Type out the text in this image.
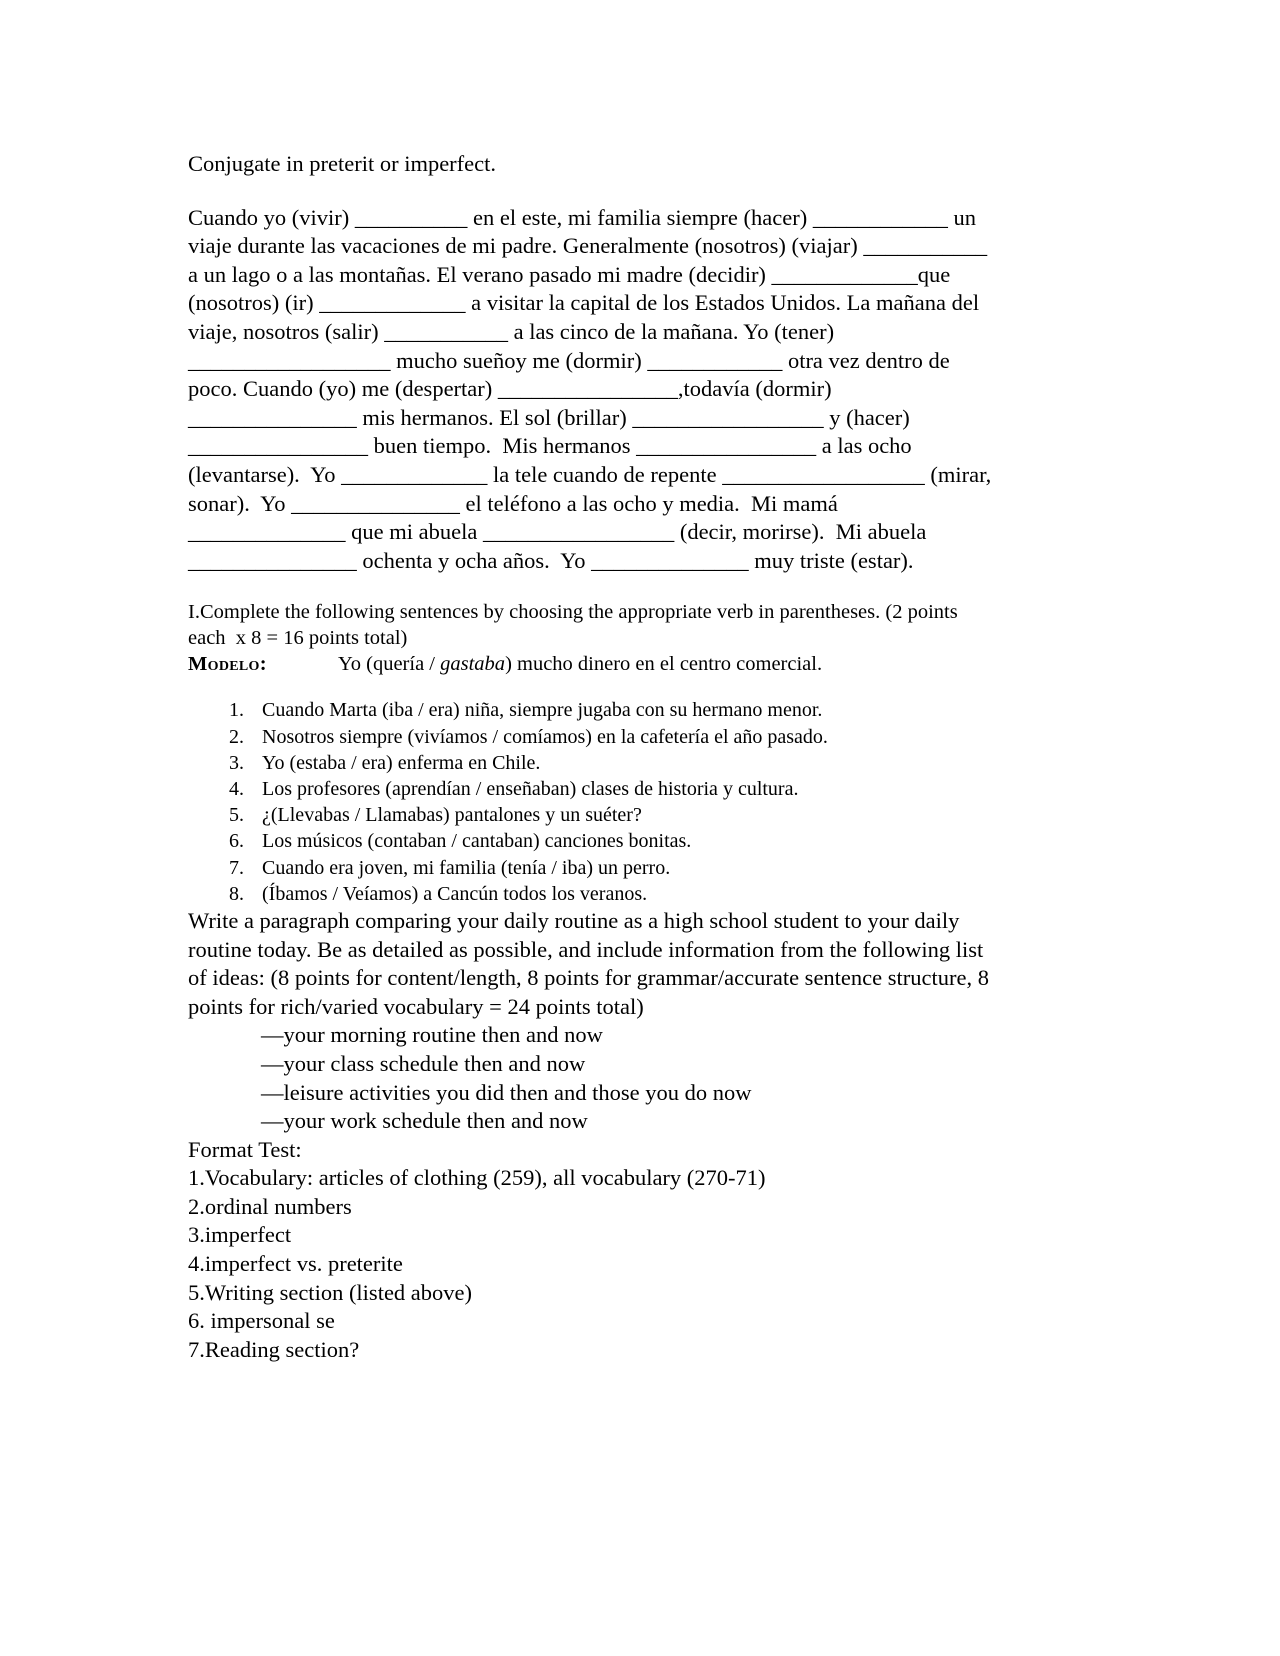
Conjugate in preterit or imperfect.
Cuando yo (vivir) __________ en el este, mi familia siempre (hacer) ____________ un
viaje durante las vacaciones de mi padre. Generalmente (nosotros) (viajar) ___________
a un lago o a las montañas. El verano pasado mi madre (decidir) _____________que
(nosotros) (ir) _____________ a visitar la capital de los Estados Unidos. La mañana del
viaje, nosotros (salir) ___________ a las cinco de la mañana. Yo (tener)
__________________ mucho sueñoy me (dormir) ____________ otra vez dentro de
poco. Cuando (yo) me (despertar) ________________,todavía (dormir)
_______________ mis hermanos. El sol (brillar) _________________ y (hacer)
________________ buen tiempo.  Mis hermanos ________________ a las ocho
(levantarse).  Yo _____________ la tele cuando de repente __________________ (mirar,
sonar).  Yo _______________ el teléfono a las ocho y media.  Mi mamá
______________ que mi abuela _________________ (decir, morirse).  Mi abuela
_______________ ochenta y ocha años.  Yo ______________ muy triste (estar).
I.Complete the following sentences by choosing the appropriate verb in parentheses. (2 points
each  x 8 = 16 points total)
Modelo:	Yo (quería / gastaba) mucho dinero en el centro comercial.
1. Cuando Marta (iba / era) niña, siempre jugaba con su hermano menor.
2. Nosotros siempre (vivíamos / comíamos) en la cafetería el año pasado.
3. Yo (estaba / era) enferma en Chile.
4. Los profesores (aprendían / enseñaban) clases de historia y cultura.
5. ¿(Llevabas / Llamabas) pantalones y un suéter?
6. Los músicos (contaban / cantaban) canciones bonitas.
7. Cuando era joven, mi familia (tenía / iba) un perro.
8. (Íbamos / Veíamos) a Cancún todos los veranos.
Write a paragraph comparing your daily routine as a high school student to your daily
routine today. Be as detailed as possible, and include information from the following list
of ideas: (8 points for content/length, 8 points for grammar/accurate sentence structure, 8
points for rich/varied vocabulary = 24 points total)
—your morning routine then and now
—your class schedule then and now
—leisure activities you did then and those you do now
—your work schedule then and now
Format Test:
1.Vocabulary: articles of clothing (259), all vocabulary (270-71)
2.ordinal numbers
3.imperfect
4.imperfect vs. preterite
5.Writing section (listed above)
6. impersonal se
7.Reading section?
